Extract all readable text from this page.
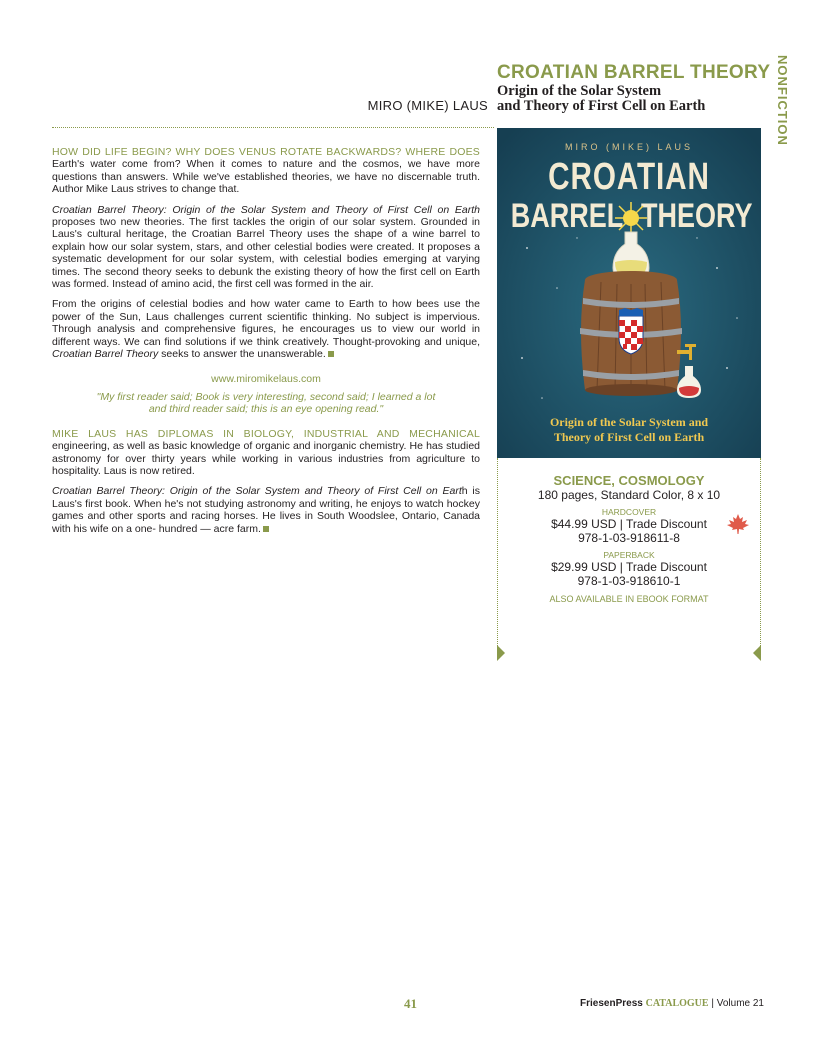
CROATIAN BARREL THEORY
Origin of the Solar System
and Theory of First Cell on Earth
MIRO (MIKE) LAUS	NONFICTION

HOW DID LIFE BEGIN? WHY DOES VENUS ROTATE BACKWARDS? WHERE DOES Earth's water come from? When it comes to nature and the cosmos, we have more questions than answers. While we've established theories, we have no discernable truth. Author Mike Laus strives to change that.

Croatian Barrel Theory: Origin of the Solar System and Theory of First Cell on Earth proposes two new theories. The first tackles the origin of our solar system. Grounded in Laus's cultural heritage, the Croatian Barrel Theory uses the shape of a wine barrel to explain how our solar system, stars, and other celestial bodies were created. It proposes a systematic development for our solar system, with celestial bodies emerging at varying times. The second theory seeks to debunk the existing theory of how the first cell on Earth was formed. Instead of amino acid, the first cell was formed in the air.

From the origins of celestial bodies and how water came to Earth to how bees use the power of the Sun, Laus challenges current scientific thinking. No subject is impervious. Through analysis and comprehensive figures, he encourages us to view our world in different ways. We can find solutions if we think creatively. Thought-provoking and unique, Croatian Barrel Theory seeks to answer the unanswerable.

www.miromikelaus.com
"My first reader said; Book is very interesting, second said; I learned a lot and third reader said; this is an eye opening read."

MIKE LAUS HAS DIPLOMAS IN BIOLOGY, INDUSTRIAL AND MECHANICAL engineering, as well as basic knowledge of organic and inorganic chemistry. He has studied astronomy for over thirty years while working in various industries from agriculture to hospitality. Laus is now retired.

Croatian Barrel Theory: Origin of the Solar System and Theory of First Cell on Earth is Laus's first book. When he's not studying astronomy and writing, he enjoys to watch hockey games and other sports and racing horses. He lives in South Woodslee, Ontario, Canada with his wife on a one- hundred — acre farm.

MIRO (MIKE) LAUS
CROATIAN
BARREL THEORY
Origin of the Solar System and
Theory of First Cell on Earth
SCIENCE, COSMOLOGY
180 pages, Standard Color, 8 x 10
HARDCOVER
$44.99 USD | Trade Discount
978-1-03-918611-8
PAPERBACK
$29.99 USD | Trade Discount
978-1-03-918610-1
ALSO AVAILABLE IN EBOOK FORMAT
41	FriesenPress CATALOGUE | Volume 21
